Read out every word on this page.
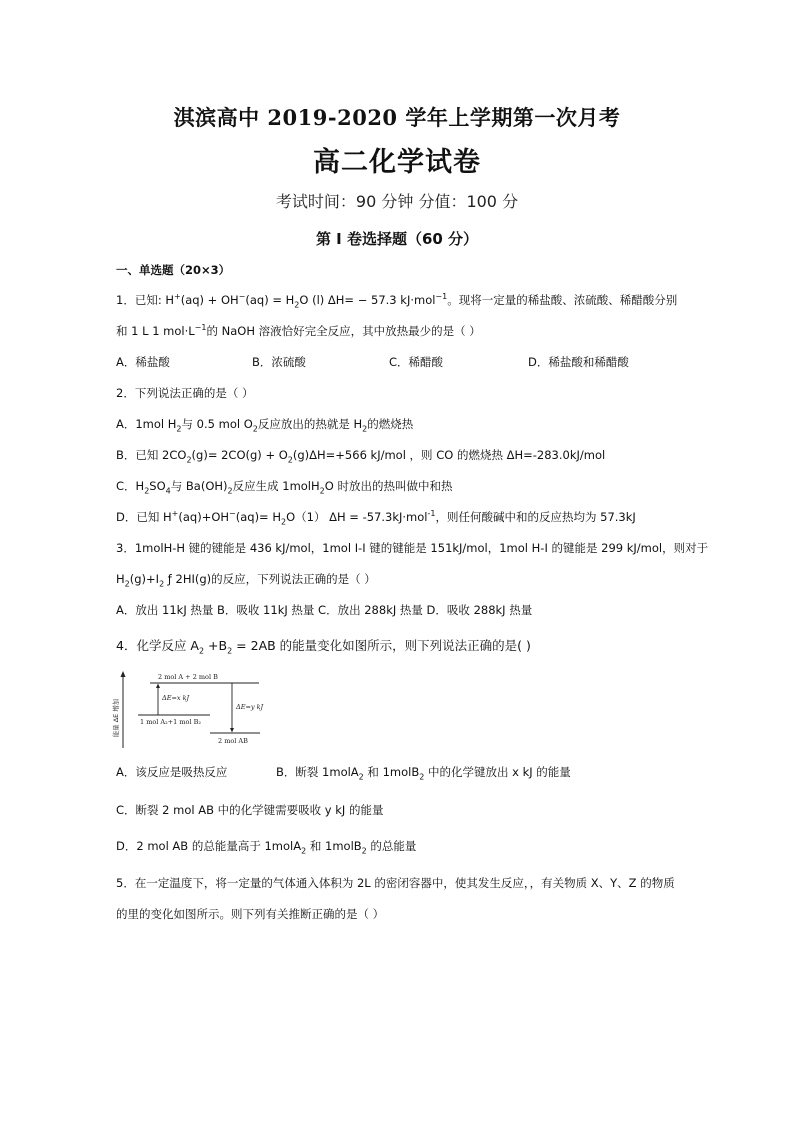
淇滨高中 2019-2020 学年上学期第一次月考
高二化学试卷
考试时间：90 分钟 分值：100 分
第 I 卷选择题（60 分）
一、单选题（20×3）
1．已知: $H^+(aq) + OH^-(aq) = H_2O$ (l) ΔH= − 57.3 kJ·mol$^{-1}$。现将一定量的稀盐酸、浓硫酸、稀醋酸分别
和 1 L 1 $mol\cdot L^{-1}$的 NaOH 溶液恰好完全反应，其中放热最少的是（ ）
A．稀盐酸	B．浓硫酸	C．稀醋酸	D．稀盐酸和稀醋酸
2．下列说法正确的是（ ）
A．1mol $H_2$与 0.5 mol $O_2$反应放出的热就是 $H_2$的燃烧热
B．已知 $2CO_2(g)= 2CO(g) + O_2(g)\Delta H=+566$ kJ/mol ，则 CO 的燃烧热 ΔH=-283.0kJ/mol
C．$H_2SO_4$与 $Ba(OH)_2$反应生成 1molH$_2$O 时放出的热叫做中和热
D．已知 $H^+(aq)+OH^-(aq)= H_2O(1) \Delta H = -57.3kJ\cdot mol^{-1}$，则任何酸碱中和的反应热均为 57.3kJ
3．1molH-H 键的键能是 436 kJ/mol，1mol I-I 键的键能是 151kJ/mol，1mol H-I 的键能是 299 kJ/mol，则对于
$H_2(g)+I_2$ ƒ 2HI(g)的反应，下列说法正确的是（ ）
A．放出 11kJ 热量 B．吸收 11kJ 热量 C．放出 288kJ 热量 D．吸收 288kJ 热量
4．化学反应 $A_2 +B_2 = 2AB$ 的能量变化如图所示，则下列说法正确的是( )
能量 ΔE 增加
2 mol A + 2 mol B
1 mol A₂+1 mol B₂
2 mol AB
ΔE=x kJ
ΔE=y kJ
A．该反应是吸热反应	B．断裂 1molA$_2$ 和 1molB$_2$ 中的化学键放出 x kJ 的能量
C．断裂 2 mol AB 中的化学键需要吸收 y kJ 的能量
D．2 mol AB 的总能量高于 1molA$_2$ 和 1molB$_2$ 的总能量
5．在一定温度下，将一定量的气体通入体积为 2L 的密闭容器中，使其发生反应，，有关物质 X、Y、Z 的物质
的里的变化如图所示。则下列有关推断正确的是（ ）
